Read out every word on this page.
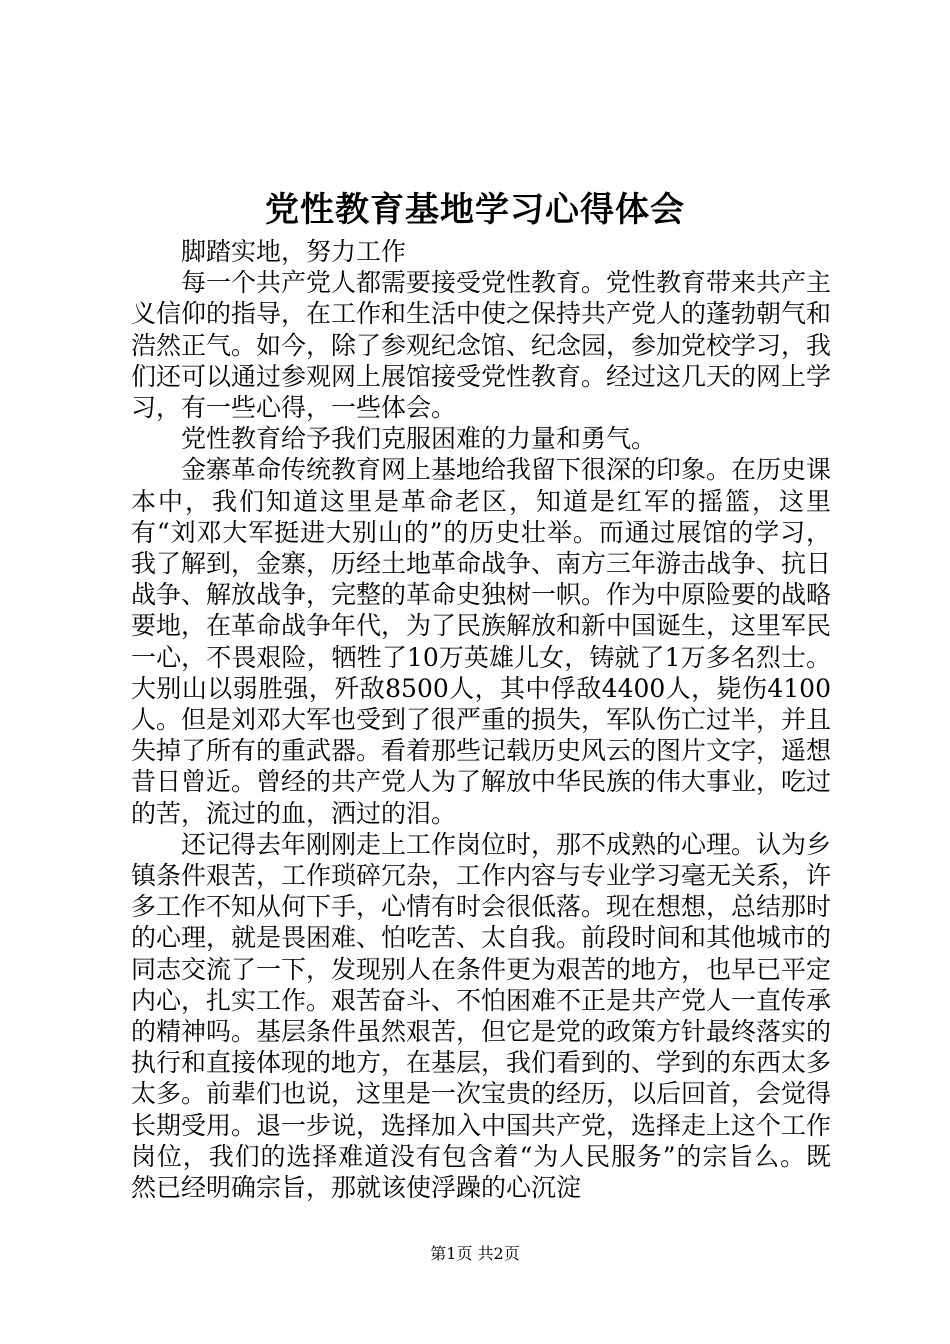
党性教育基地学习心得体会

脚踏实地，努力工作

每一个共产党人都需要接受党性教育。党性教育带来共产主义信仰的指导，在工作和生活中使之保持共产党人的蓬勃朝气和浩然正气。如今，除了参观纪念馆、纪念园，参加党校学习，我们还可以通过参观网上展馆接受党性教育。经过这几天的网上学习，有一些心得，一些体会。

党性教育给予我们克服困难的力量和勇气。

金寨革命传统教育网上基地给我留下很深的印象。在历史课本中，我们知道这里是革命老区，知道是红军的摇篮，这里有“刘邓大军挺进大别山的”的历史壮举。而通过展馆的学习，我了解到，金寨，历经土地革命战争、南方三年游击战争、抗日战争、解放战争，完整的革命史独树一帜。作为中原险要的战略要地，在革命战争年代，为了民族解放和新中国诞生，这里军民一心，不畏艰险，牺牲了10万英雄儿女，铸就了1万多名烈士。大别山以弱胜强，歼敌8500人，其中俘敌4400人，毙伤4100人。但是刘邓大军也受到了很严重的损失，军队伤亡过半，并且失掉了所有的重武器。看着那些记载历史风云的图片文字，遥想昔日曾近。曾经的共产党人为了解放中华民族的伟大事业，吃过的苦，流过的血，洒过的泪。

还记得去年刚刚走上工作岗位时，那不成熟的心理。认为乡镇条件艰苦，工作琐碎冗杂，工作内容与专业学习毫无关系，许多工作不知从何下手，心情有时会很低落。现在想想，总结那时的心理，就是畏困难、怕吃苦、太自我。前段时间和其他城市的同志交流了一下，发现别人在条件更为艰苦的地方，也早已平定内心，扎实工作。艰苦奋斗、不怕困难不正是共产党人一直传承的精神吗。基层条件虽然艰苦，但它是党的政策方针最终落实的执行和直接体现的地方，在基层，我们看到的、学到的东西太多太多。前辈们也说，这里是一次宝贵的经历，以后回首，会觉得长期受用。退一步说，选择加入中国共产党，选择走上这个工作岗位，我们的选择难道没有包含着“为人民服务”的宗旨么。既然已经明确宗旨，那就该使浮躁的心沉淀

第1页 共2页
